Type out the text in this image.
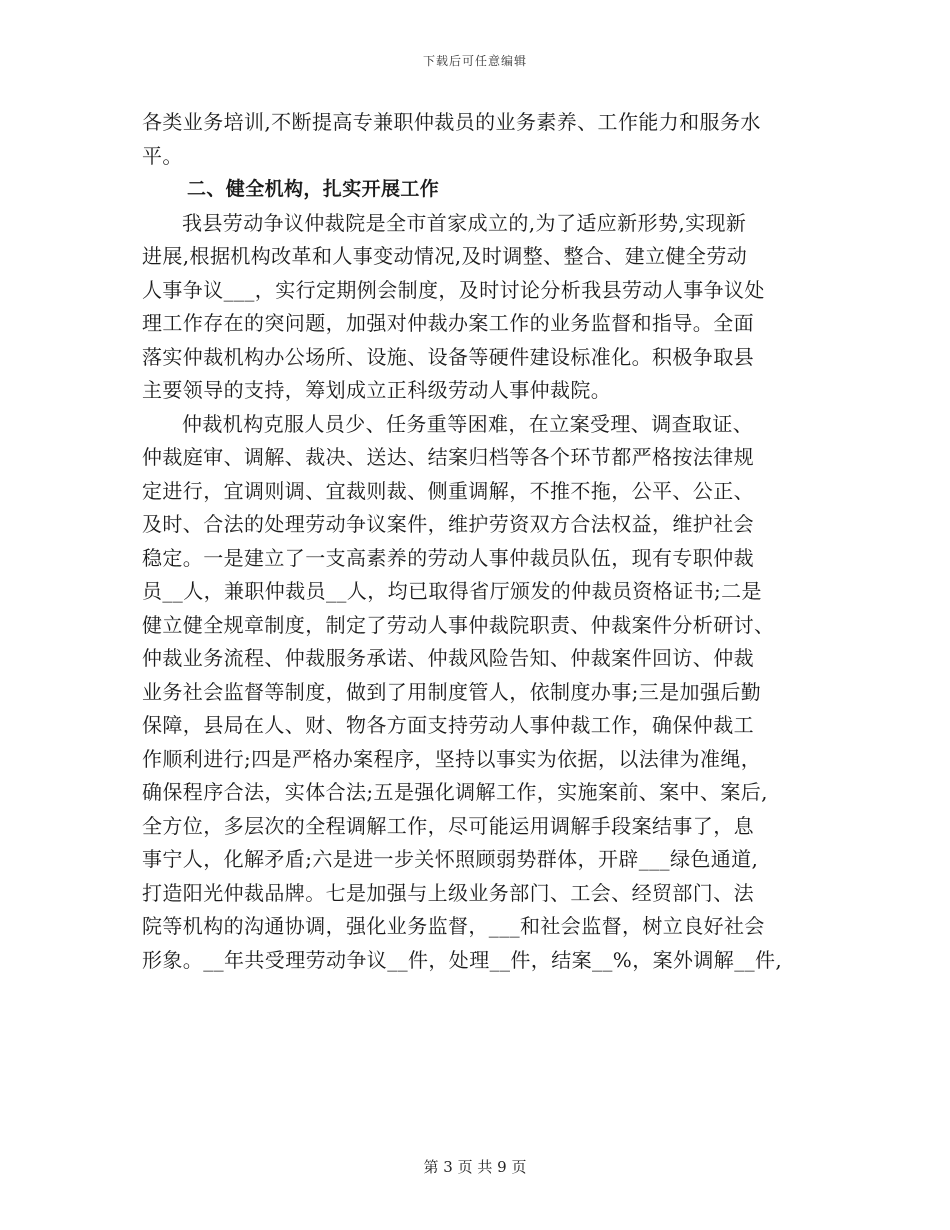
下载后可任意编辑
各类业务培训,不断提高专兼职仲裁员的业务素养、工作能力和服务水
平。
二、健全机构，扎实开展工作
我县劳动争议仲裁院是全市首家成立的,为了适应新形势,实现新
进展,根据机构改革和人事变动情况,及时调整、整合、建立健全劳动
人事争议___，实行定期例会制度，及时讨论分析我县劳动人事争议处
理工作存在的突问题，加强对仲裁办案工作的业务监督和指导。全面
落实仲裁机构办公场所、设施、设备等硬件建设标准化。积极争取县
主要领导的支持，筹划成立正科级劳动人事仲裁院。
仲裁机构克服人员少、任务重等困难，在立案受理、调查取证、
仲裁庭审、调解、裁决、送达、结案归档等各个环节都严格按法律规
定进行，宜调则调、宜裁则裁、侧重调解，不推不拖，公平、公正、
及时、合法的处理劳动争议案件，维护劳资双方合法权益，维护社会
稳定。一是建立了一支高素养的劳动人事仲裁员队伍，现有专职仲裁
员__人，兼职仲裁员__人，均已取得省厅颁发的仲裁员资格证书;二是
健立健全规章制度，制定了劳动人事仲裁院职责、仲裁案件分析研讨、
仲裁业务流程、仲裁服务承诺、仲裁风险告知、仲裁案件回访、仲裁
业务社会监督等制度，做到了用制度管人，依制度办事;三是加强后勤
保障，县局在人、财、物各方面支持劳动人事仲裁工作，确保仲裁工
作顺利进行;四是严格办案程序，坚持以事实为依据，以法律为准绳，
确保程序合法，实体合法;五是强化调解工作，实施案前、案中、案后,
全方位，多层次的全程调解工作，尽可能运用调解手段案结事了，息
事宁人，化解矛盾;六是进一步关怀照顾弱势群体，开辟___绿色通道,
打造阳光仲裁品牌。七是加强与上级业务部门、工会、经贸部门、法
院等机构的沟通协调，强化业务监督，___和社会监督，树立良好社会
形象。__年共受理劳动争议__件，处理__件，结案__%，案外调解__件,
第 3 页 共 9 页
